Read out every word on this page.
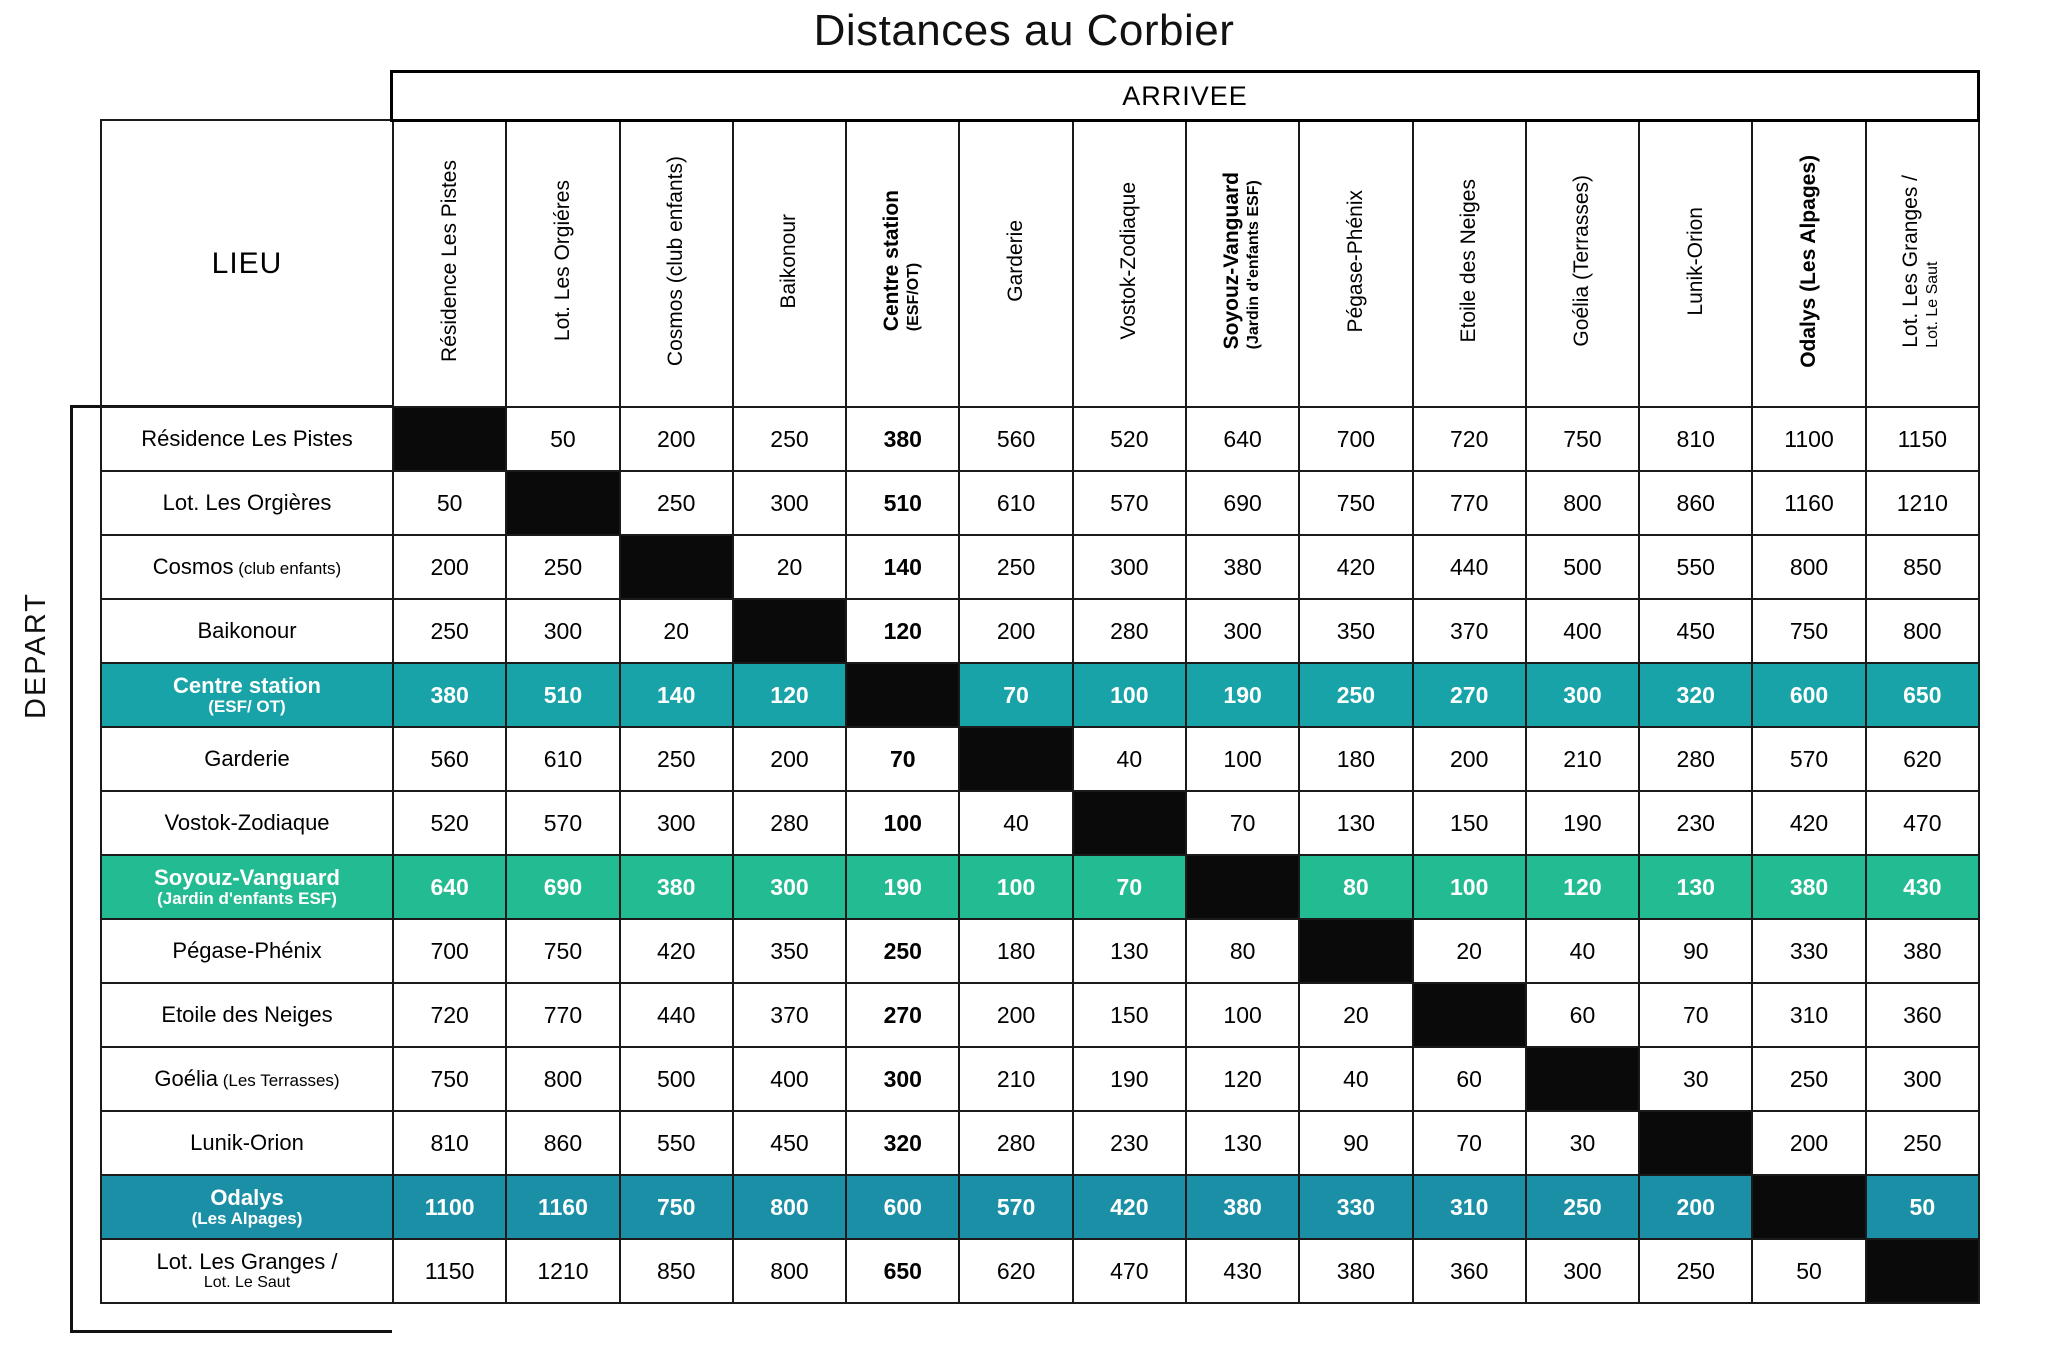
Distances au Corbier
DEPART
ARRIVEE
LIEU	Résidence Les Pistes	Lot. Les Orgiéres	Cosmos (club enfants)	Baikonour	Centre station (ESF/OT)	Garderie	Vostok-Zodiaque	Soyouz-Vanguard (Jardin d'enfants ESF)	Pégase-Phénix	Etoile des Neiges	Goélia (Terrasses)	Lunik-Orion	Odalys (Les Alpages)	Lot. Les Granges / Lot. Le Saut
Résidence Les Pistes		50	200	250	380	560	520	640	700	720	750	810	1100	1150
Lot. Les Orgières	50		250	300	510	610	570	690	750	770	800	860	1160	1210
Cosmos (club enfants)	200	250		20	140	250	300	380	420	440	500	550	800	850
Baikonour	250	300	20		120	200	280	300	350	370	400	450	750	800
Centre station
(ESF/ OT)	380	510	140	120		70	100	190	250	270	300	320	600	650
Garderie	560	610	250	200	70		40	100	180	200	210	280	570	620
Vostok-Zodiaque	520	570	300	280	100	40		70	130	150	190	230	420	470
Soyouz-Vanguard
(Jardin d'enfants ESF)	640	690	380	300	190	100	70		80	100	120	130	380	430
Pégase-Phénix	700	750	420	350	250	180	130	80		20	40	90	330	380
Etoile des Neiges	720	770	440	370	270	200	150	100	20		60	70	310	360
Goélia (Les Terrasses)	750	800	500	400	300	210	190	120	40	60		30	250	300
Lunik-Orion	810	860	550	450	320	280	230	130	90	70	30		200	250
Odalys
(Les Alpages)	1100	1160	750	800	600	570	420	380	330	310	250	200		50
Lot. Les Granges /
Lot. Le Saut	1150	1210	850	800	650	620	470	430	380	360	300	250	50	
